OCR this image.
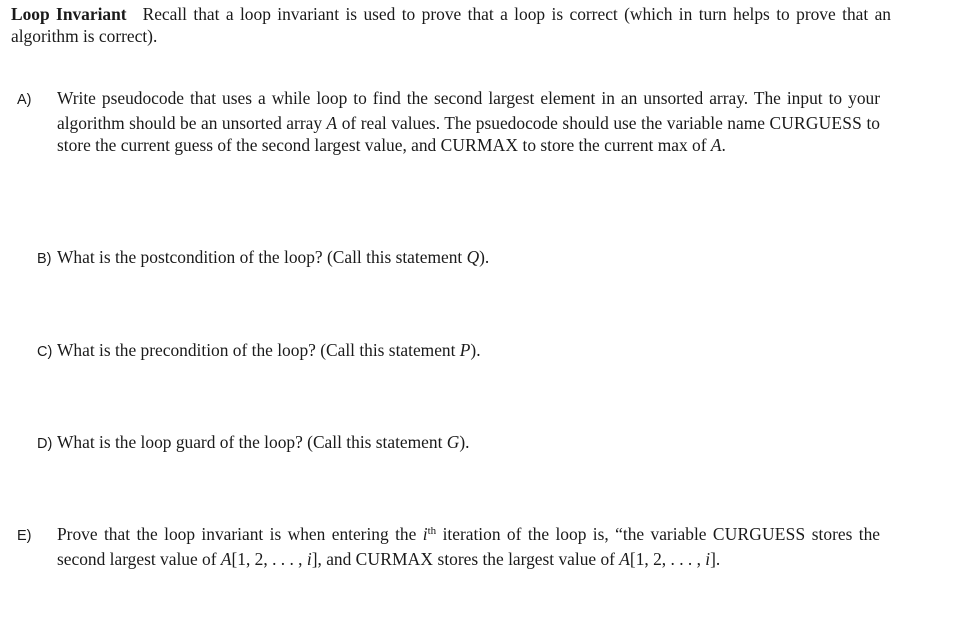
Loop Invariant Recall that a loop invariant is used to prove that a loop is correct (which in turn helps to prove that an algorithm is correct).
A) Write pseudocode that uses a while loop to find the second largest element in an unsorted array. The input to your algorithm should be an unsorted array A of real values. The psuedocode should use the variable name CURGUESS to store the current guess of the second largest value, and CURMAX to store the current max of A.
B) What is the postcondition of the loop? (Call this statement Q).
C) What is the precondition of the loop? (Call this statement P).
D) What is the loop guard of the loop? (Call this statement G).
E) Prove that the loop invariant is when entering the $i^{th}$ iteration of the loop is, “the variable CURGUESS stores the second largest value of A[1, 2, . . . , i], and CURMAX stores the largest value of A[1, 2, . . . , i].
